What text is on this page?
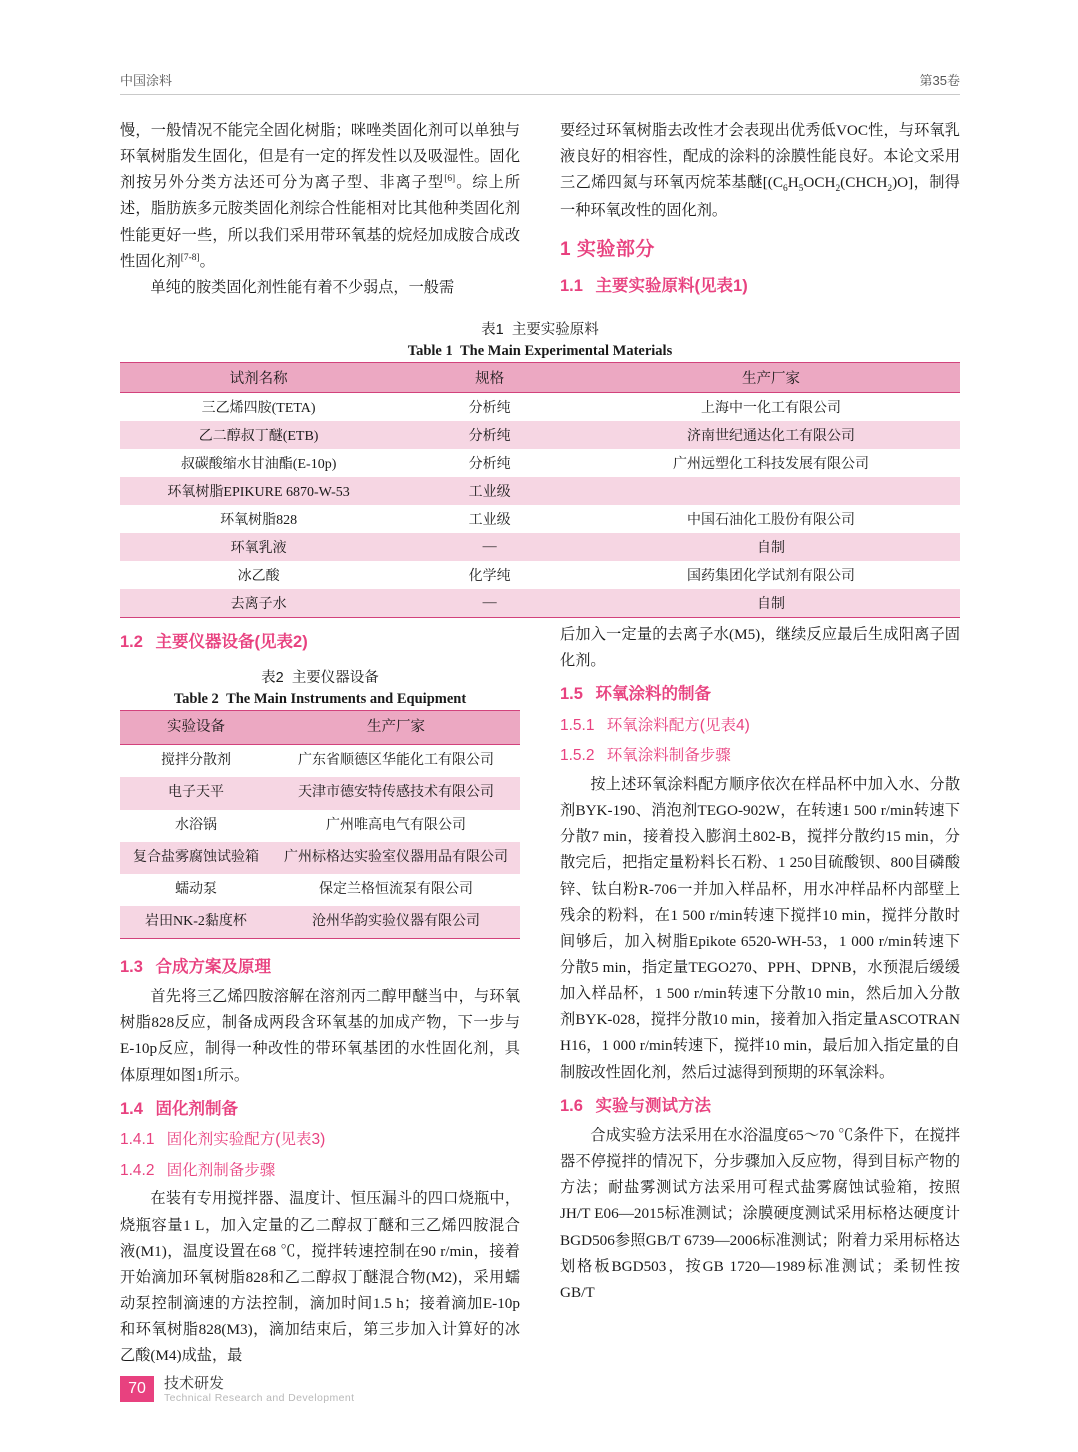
中国涂料	第35卷

慢，一般情况不能完全固化树脂；咪唑类固化剂可以单独与环氧树脂发生固化，但是有一定的挥发性以及吸湿性。固化剂按另外分类方法还可分为离子型、非离子型[6]。综上所述，脂肪族多元胺类固化剂综合性能相对比其他种类固化剂性能更好一些，所以我们采用带环氧基的烷烃加成胺合成改性固化剂[7-8]。

单纯的胺类固化剂性能有着不少弱点，一般需

要经过环氧树脂去改性才会表现出优秀低VOC性，与环氧乳液良好的相容性，配成的涂料的涂膜性能良好。本论文采用三乙烯四氮与环氧丙烷苯基醚[$(C_6H_5OCH_2(CHCH_2)O]$，制得一种环氧改性的固化剂。

1 实验部分
1.1 主要实验原料(见表1)
表1 主要实验原料
Table 1 The Main Experimental Materials
试剂名称	规格	生产厂家
三乙烯四胺(TETA)	分析纯	上海中一化工有限公司
乙二醇叔丁醚(ETB)	分析纯	济南世纪通达化工有限公司
叔碳酸缩水甘油酯(E-10p)	分析纯	广州远塑化工科技发展有限公司
环氧树脂EPIKURE 6870-W-53	工业级	
环氧树脂828	工业级	中国石油化工股份有限公司
环氧乳液	—	自制
冰乙酸	化学纯	国药集团化学试剂有限公司
去离子水	—	自制
1.2 主要仪器设备(见表2)
表2 主要仪器设备
Table 2 The Main Instruments and Equipment
实验设备	生产厂家
搅拌分散剂	广东省顺德区华能化工有限公司
电子天平	天津市德安特传感技术有限公司
水浴锅	广州唯高电气有限公司
复合盐雾腐蚀试验箱	广州标格达实验室仪器用品有限公司
蠕动泵	保定兰格恒流泵有限公司
岩田NK-2黏度杯	沧州华韵实验仪器有限公司
1.3 合成方案及原理

首先将三乙烯四胺溶解在溶剂丙二醇甲醚当中，与环氧树脂828反应，制备成两段含环氧基的加成产物，下一步与E-10p反应，制得一种改性的带环氧基团的水性固化剂，具体原理如图1所示。

1.4 固化剂制备
1.4.1 固化剂实验配方(见表3)
1.4.2 固化剂制备步骤

在装有专用搅拌器、温度计、恒压漏斗的四口烧瓶中，烧瓶容量1 L，加入定量的乙二醇叔丁醚和三乙烯四胺混合液(M1)，温度设置在68 ℃，搅拌转速控制在90 r/min，接着开始滴加环氧树脂828和乙二醇叔丁醚混合物(M2)，采用蠕动泵控制滴速的方法控制，滴加时间1.5 h；接着滴加E-10p和环氧树脂828(M3)，滴加结束后，第三步加入计算好的冰乙酸(M4)成盐，最

后加入一定量的去离子水(M5)，继续反应最后生成阳离子固化剂。

1.5 环氧涂料的制备
1.5.1 环氧涂料配方(见表4)
1.5.2 环氧涂料制备步骤

按上述环氧涂料配方顺序依次在样品杯中加入水、分散剂BYK-190、消泡剂TEGO-902W，在转速1 500 r/min转速下分散7 min，接着投入膨润土802-B，搅拌分散约15 min，分散完后，把指定量粉料长石粉、1 250目硫酸钡、800目磷酸锌、钛白粉R-706一并加入样品杯，用水冲样品杯内部壁上残余的粉料，在1 500 r/min转速下搅拌10 min，搅拌分散时间够后，加入树脂Epikote 6520-WH-53，1 000 r/min转速下分散5 min，指定量TEGO270、PPH、DPNB，水预混后缓缓加入样品杯，1 500 r/min转速下分散10 min，然后加入分散剂BYK-028，搅拌分散10 min，接着加入指定量ASCOTRAN H16，1 000 r/min转速下，搅拌10 min，最后加入指定量的自制胺改性固化剂，然后过滤得到预期的环氧涂料。

1.6 实验与测试方法

合成实验方法采用在水浴温度65～70 ℃条件下，在搅拌器不停搅拌的情况下，分步骤加入反应物，得到目标产物的方法；耐盐雾测试方法采用可程式盐雾腐蚀试验箱，按照JH/T E06—2015标准测试；涂膜硬度测试采用标格达硬度计BGD506参照GB/T 6739—2006标准测试；附着力采用标格达划格板BGD503，按GB 1720—1989标准测试；柔韧性按GB/T

70	技术研发
Technical Research and Development
